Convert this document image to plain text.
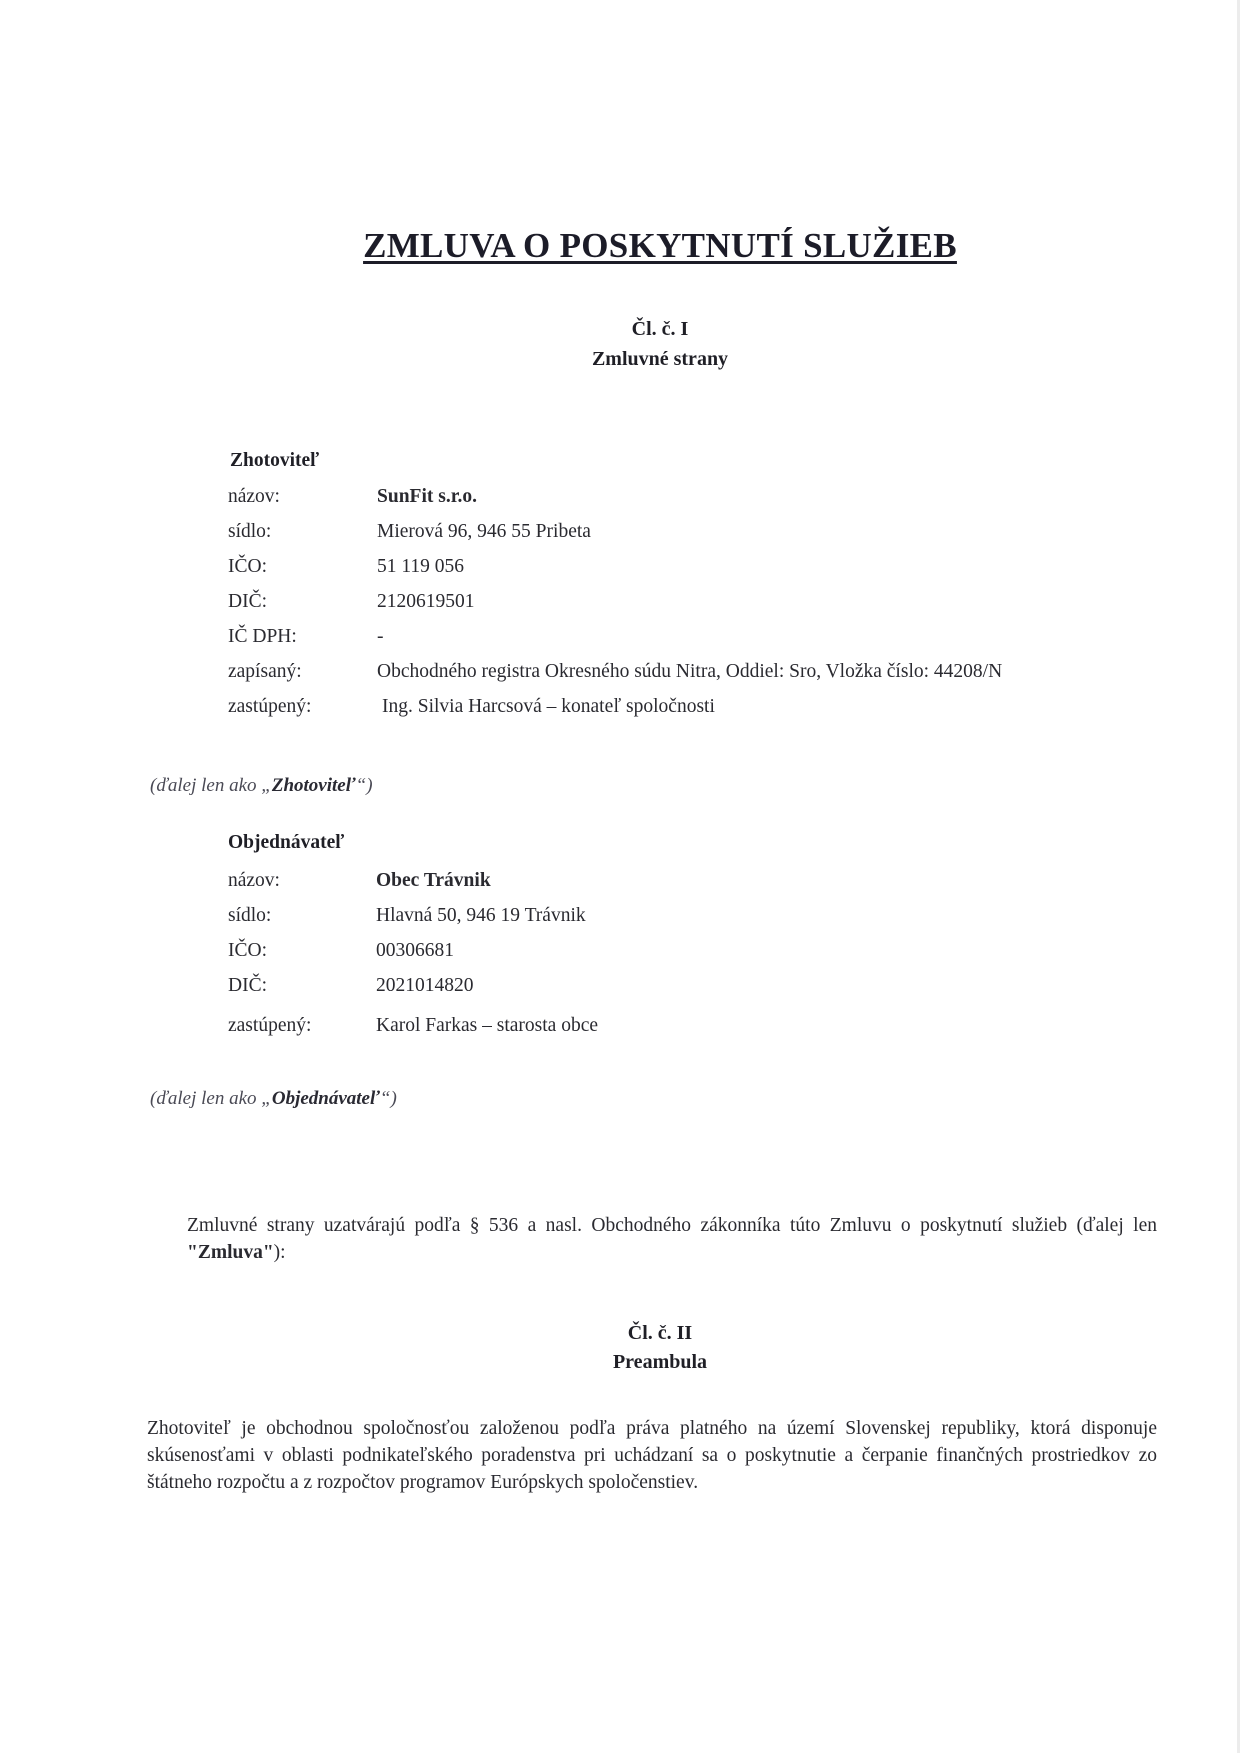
ZMLUVA O POSKYTNUTÍ SLUŽIEB
Čl. č. I
Zmluvné strany
Zhotoviteľ
názov:	SunFit s.r.o.
sídlo:	Mierová 96, 946 55 Pribeta
IČO:	51 119 056
DIČ:	2120619501
IČ DPH:	-
zapísaný:	Obchodného registra Okresného súdu Nitra, Oddiel: Sro, Vložka číslo: 44208/N
zastúpený:	Ing. Silvia Harcsová – konateľ spoločnosti
(ďalej len ako „Zhotoviteľ“)
Objednávateľ
názov:	Obec Trávnik
sídlo:	Hlavná 50, 946 19 Trávnik
IČO:	00306681
DIČ:	2021014820
zastúpený:	Karol Farkas – starosta obce
(ďalej len ako „Objednávateľ“)
Zmluvné strany uzatvárajú podľa § 536 a nasl. Obchodného zákonníka túto Zmluvu o poskytnutí služieb (ďalej len "Zmluva"):
Čl. č. II
Preambula
Zhotoviteľ je obchodnou spoločnosťou založenou podľa práva platného na území Slovenskej republiky, ktorá disponuje skúsenosťami v oblasti podnikateľského poradenstva pri uchádzaní sa o poskytnutie a čerpanie finančných prostriedkov zo štátneho rozpočtu a z rozpočtov programov Európskych spoločenstiev.
